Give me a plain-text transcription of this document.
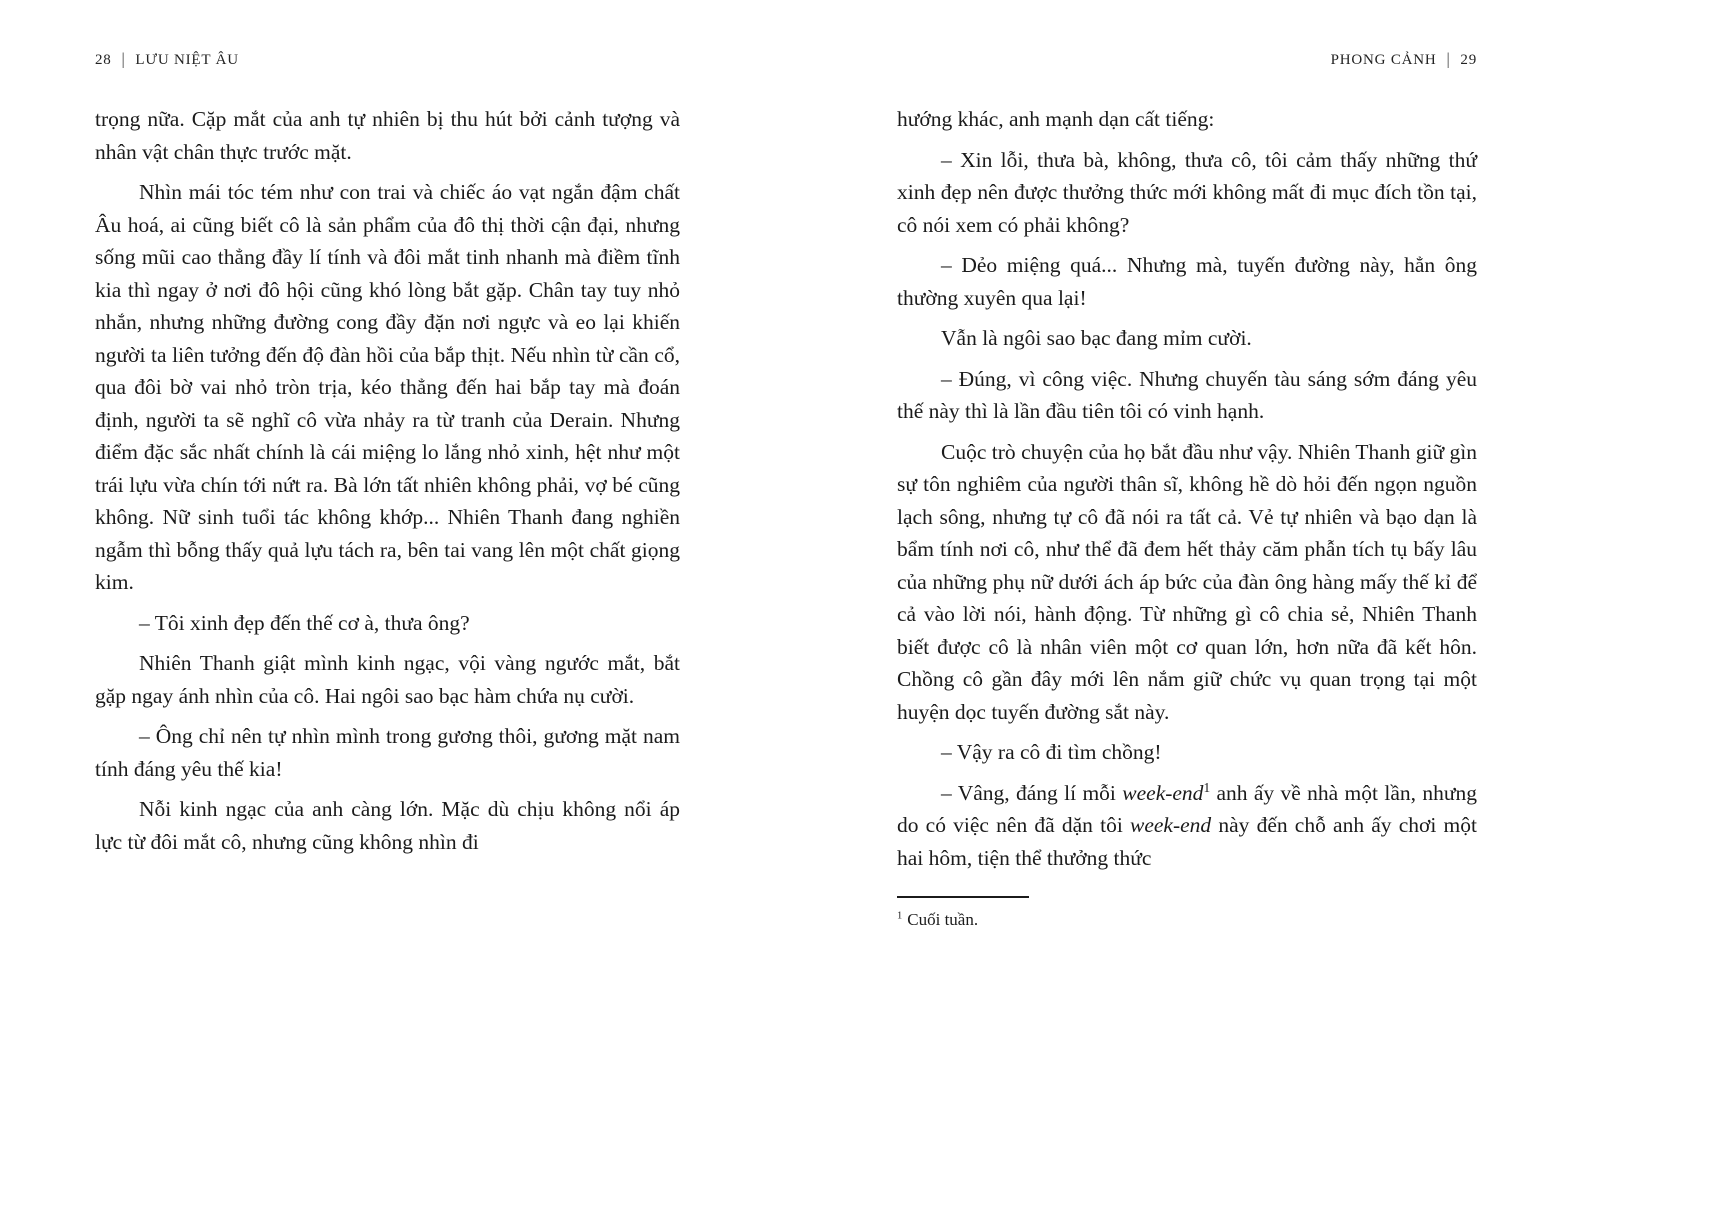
28 | LƯU NIỆT ÂU

trọng nữa. Cặp mắt của anh tự nhiên bị thu hút bởi cảnh tượng và nhân vật chân thực trước mặt.

Nhìn mái tóc tém như con trai và chiếc áo vạt ngắn đậm chất Âu hoá, ai cũng biết cô là sản phẩm của đô thị thời cận đại, nhưng sống mũi cao thẳng đầy lí tính và đôi mắt tinh nhanh mà điềm tĩnh kia thì ngay ở nơi đô hội cũng khó lòng bắt gặp. Chân tay tuy nhỏ nhắn, nhưng những đường cong đầy đặn nơi ngực và eo lại khiến người ta liên tưởng đến độ đàn hồi của bắp thịt. Nếu nhìn từ cần cổ, qua đôi bờ vai nhỏ tròn trịa, kéo thẳng đến hai bắp tay mà đoán định, người ta sẽ nghĩ cô vừa nhảy ra từ tranh của Derain. Nhưng điểm đặc sắc nhất chính là cái miệng lo lắng nhỏ xinh, hệt như một trái lựu vừa chín tới nứt ra. Bà lớn tất nhiên không phải, vợ bé cũng không. Nữ sinh tuổi tác không khớp... Nhiên Thanh đang nghiền ngẫm thì bỗng thấy quả lựu tách ra, bên tai vang lên một chất giọng kim.

– Tôi xinh đẹp đến thế cơ à, thưa ông?

Nhiên Thanh giật mình kinh ngạc, vội vàng ngước mắt, bắt gặp ngay ánh nhìn của cô. Hai ngôi sao bạc hàm chứa nụ cười.

– Ông chỉ nên tự nhìn mình trong gương thôi, gương mặt nam tính đáng yêu thế kia!

Nỗi kinh ngạc của anh càng lớn. Mặc dù chịu không nổi áp lực từ đôi mắt cô, nhưng cũng không nhìn đi

PHONG CẢNH | 29

hướng khác, anh mạnh dạn cất tiếng:

– Xin lỗi, thưa bà, không, thưa cô, tôi cảm thấy những thứ xinh đẹp nên được thưởng thức mới không mất đi mục đích tồn tại, cô nói xem có phải không?

– Dẻo miệng quá... Nhưng mà, tuyến đường này, hẳn ông thường xuyên qua lại!

Vẫn là ngôi sao bạc đang mỉm cười.

– Đúng, vì công việc. Nhưng chuyến tàu sáng sớm đáng yêu thế này thì là lần đầu tiên tôi có vinh hạnh.

Cuộc trò chuyện của họ bắt đầu như vậy. Nhiên Thanh giữ gìn sự tôn nghiêm của người thân sĩ, không hề dò hỏi đến ngọn nguồn lạch sông, nhưng tự cô đã nói ra tất cả. Vẻ tự nhiên và bạo dạn là bẩm tính nơi cô, như thể đã đem hết thảy căm phẫn tích tụ bấy lâu của những phụ nữ dưới ách áp bức của đàn ông hàng mấy thế kỉ để cả vào lời nói, hành động. Từ những gì cô chia sẻ, Nhiên Thanh biết được cô là nhân viên một cơ quan lớn, hơn nữa đã kết hôn. Chồng cô gần đây mới lên nắm giữ chức vụ quan trọng tại một huyện dọc tuyến đường sắt này.

– Vậy ra cô đi tìm chồng!

– Vâng, đáng lí mỗi week-end$^1$ anh ấy về nhà một lần, nhưng do có việc nên đã dặn tôi week-end này đến chỗ anh ấy chơi một hai hôm, tiện thể thưởng thức

$^1$ Cuối tuần.
